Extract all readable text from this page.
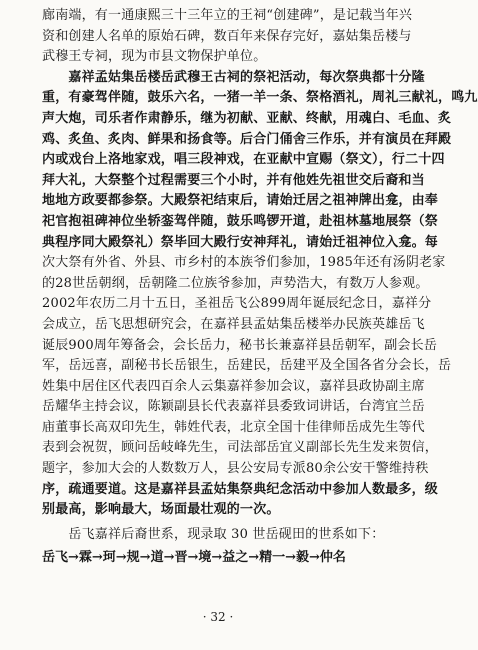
廊南端，有一通康熙三十三年立的王祠“创建碑”，是记载当年兴
资和创建人名单的原始石碑，数百年来保存完好，嘉姑集岳楼与
武穆王专祠，现为市县文物保护单位。
　　嘉祥孟姑集岳楼岳武穆王古祠的祭祀活动，每次祭典都十分隆
重，有豪驾伴随，鼓乐六名，一猪一羊一条、祭格酒礼，周礼三献礼，鸣九
声大炮，司乐者作肃静乐，继为初献、亚献、终献，用魂白、毛血、炙
鸡、炙鱼、炙肉、鲜果和扬食等。后合门俑舍三作乐，并有演员在拜殿
内或戏台上洛地家戏，唱三段神戏，在亚献中宣赐（祭文），行二十四
拜大礼，大祭整个过程需要三个小时，并有他姓先祖世交后裔和当
地地方政要都参祭。大殿祭祀结束后，请始迁居之祖神牌出龛，由奉
祀官抱祖碑神位坐轿銮驾伴随，鼓乐鸣锣开道，赴祖林墓地展祭（祭
典程序同大殿祭礼）祭毕回大殿行安神拜礼，请始迁祖神位入龛。每
次大祭有外省、外县、市乡村的本族爷们参加，1985年还有汤阴老家
的28世岳朝纲，岳朝隆二位族爷参加，声势浩大，有数万人参观。
2002年农历二月十五日，圣祖岳飞公899周年诞辰纪念日，嘉祥分
会成立，岳飞思想研究会，在嘉祥县孟姑集岳楼举办民族英雄岳飞
诞辰900周年筹备会，会长岳力，秘书长兼嘉祥县岳朝军，副会长岳
军，岳远喜，副秘书长岳银生，岳建民，岳建平及全国各省分会长，岳
姓集中居住区代表四百余人云集嘉祥参加会议，嘉祥县政协副主席
岳耀华主持会议，陈颖副县长代表嘉祥县委致词讲话，台湾宜兰岳
庙董事长高双印先生，韩姓代表，北京全国十佳律师岳成先生等代
表到会祝贺，顾问岳岐峰先生，司法部岳宜义副部长先生发来贺信，
题字，参加大会的人数数万人，县公安局专派80余公安干警维持秩
序，疏通要道。这是嘉祥县孟姑集祭典纪念活动中参加人数最多，级
别最高，影响最大，场面最壮观的一次。
　　岳飞嘉祥后裔世系，现录取 30 世岳砚田的世系如下：
岳飞→霖→珂→规→道→晋→境→益之→精一→毅→仲名
· 32 ·
